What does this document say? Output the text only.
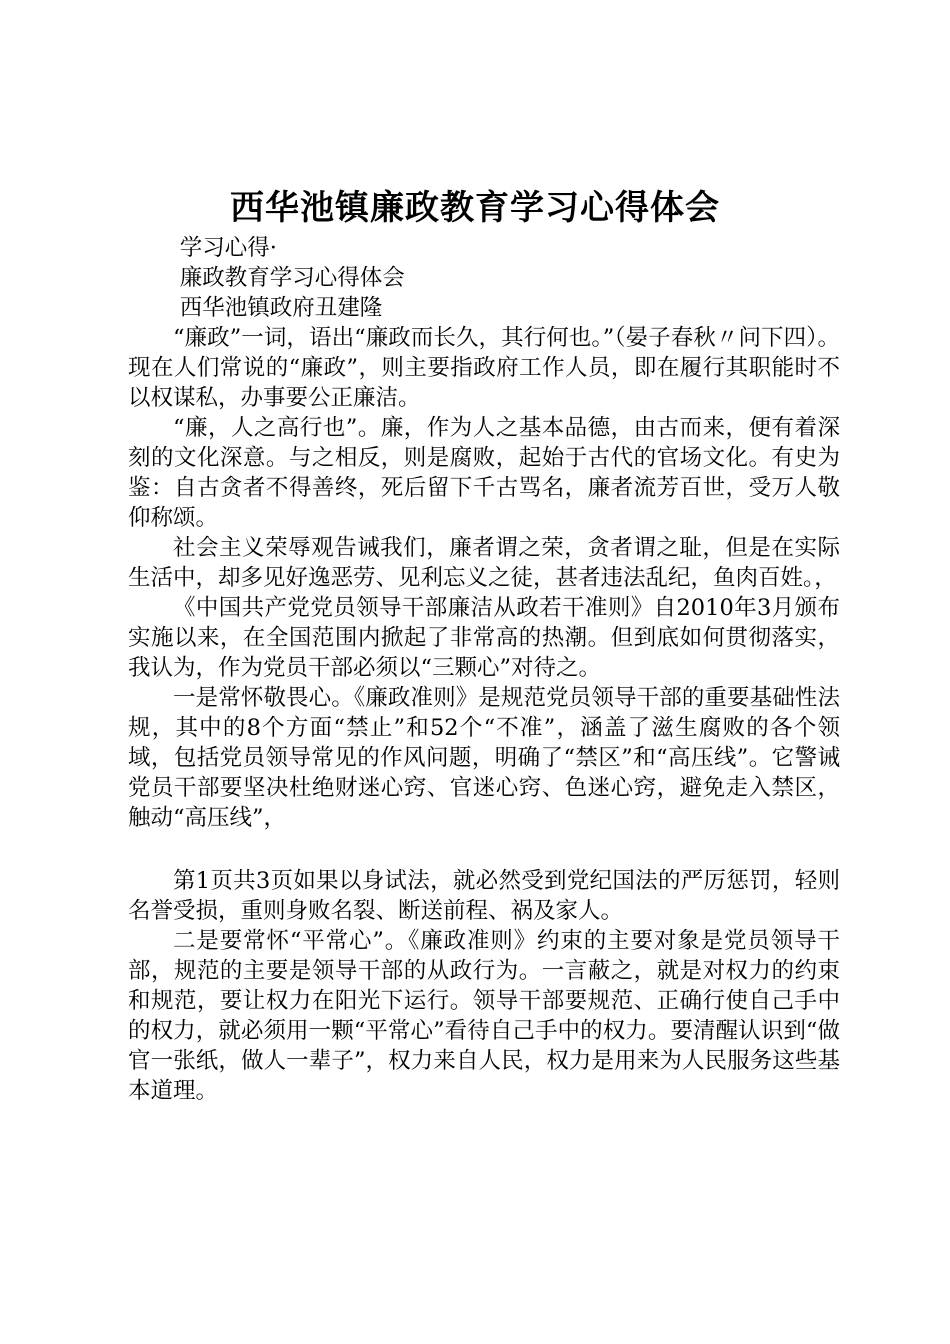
西华池镇廉政教育学习心得体会

学习心得·

廉政教育学习心得体会

西华池镇政府丑建隆

“廉政”一词，语出“廉政而长久，其行何也。”（晏子春秋〃问下四）。现在人们常说的“廉政”，则主要指政府工作人员，即在履行其职能时不以权谋私，办事要公正廉洁。

“廉，人之高行也”。廉，作为人之基本品德，由古而来，便有着深刻的文化深意。与之相反，则是腐败，起始于古代的官场文化。有史为鉴：自古贪者不得善终，死后留下千古骂名，廉者流芳百世，受万人敬仰称颂。

社会主义荣辱观告诫我们，廉者谓之荣，贪者谓之耻，但是在实际生活中，却多见好逸恶劳、见利忘义之徒，甚者违法乱纪，鱼肉百姓。，

《中国共产党党员领导干部廉洁从政若干准则》自2010年3月颁布实施以来，在全国范围内掀起了非常高的热潮。但到底如何贯彻落实，我认为，作为党员干部必须以“三颗心”对待之。

一是常怀敬畏心。《廉政准则》是规范党员领导干部的重要基础性法规，其中的8个方面“禁止”和52个“不准”，涵盖了滋生腐败的各个领域，包括党员领导常见的作风问题，明确了“禁区”和“高压线”。它警诫党员干部要坚决杜绝财迷心窍、官迷心窍、色迷心窍，避免走入禁区，触动“高压线”，

第1页共3页如果以身试法，就必然受到党纪国法的严厉惩罚，轻则名誉受损，重则身败名裂、断送前程、祸及家人。

二是要常怀“平常心”。《廉政准则》约束的主要对象是党员领导干部，规范的主要是领导干部的从政行为。一言蔽之，就是对权力的约束和规范，要让权力在阳光下运行。领导干部要规范、正确行使自己手中的权力，就必须用一颗“平常心”看待自己手中的权力。要清醒认识到“做官一张纸，做人一辈子”，权力来自人民，权力是用来为人民服务这些基本道理。
